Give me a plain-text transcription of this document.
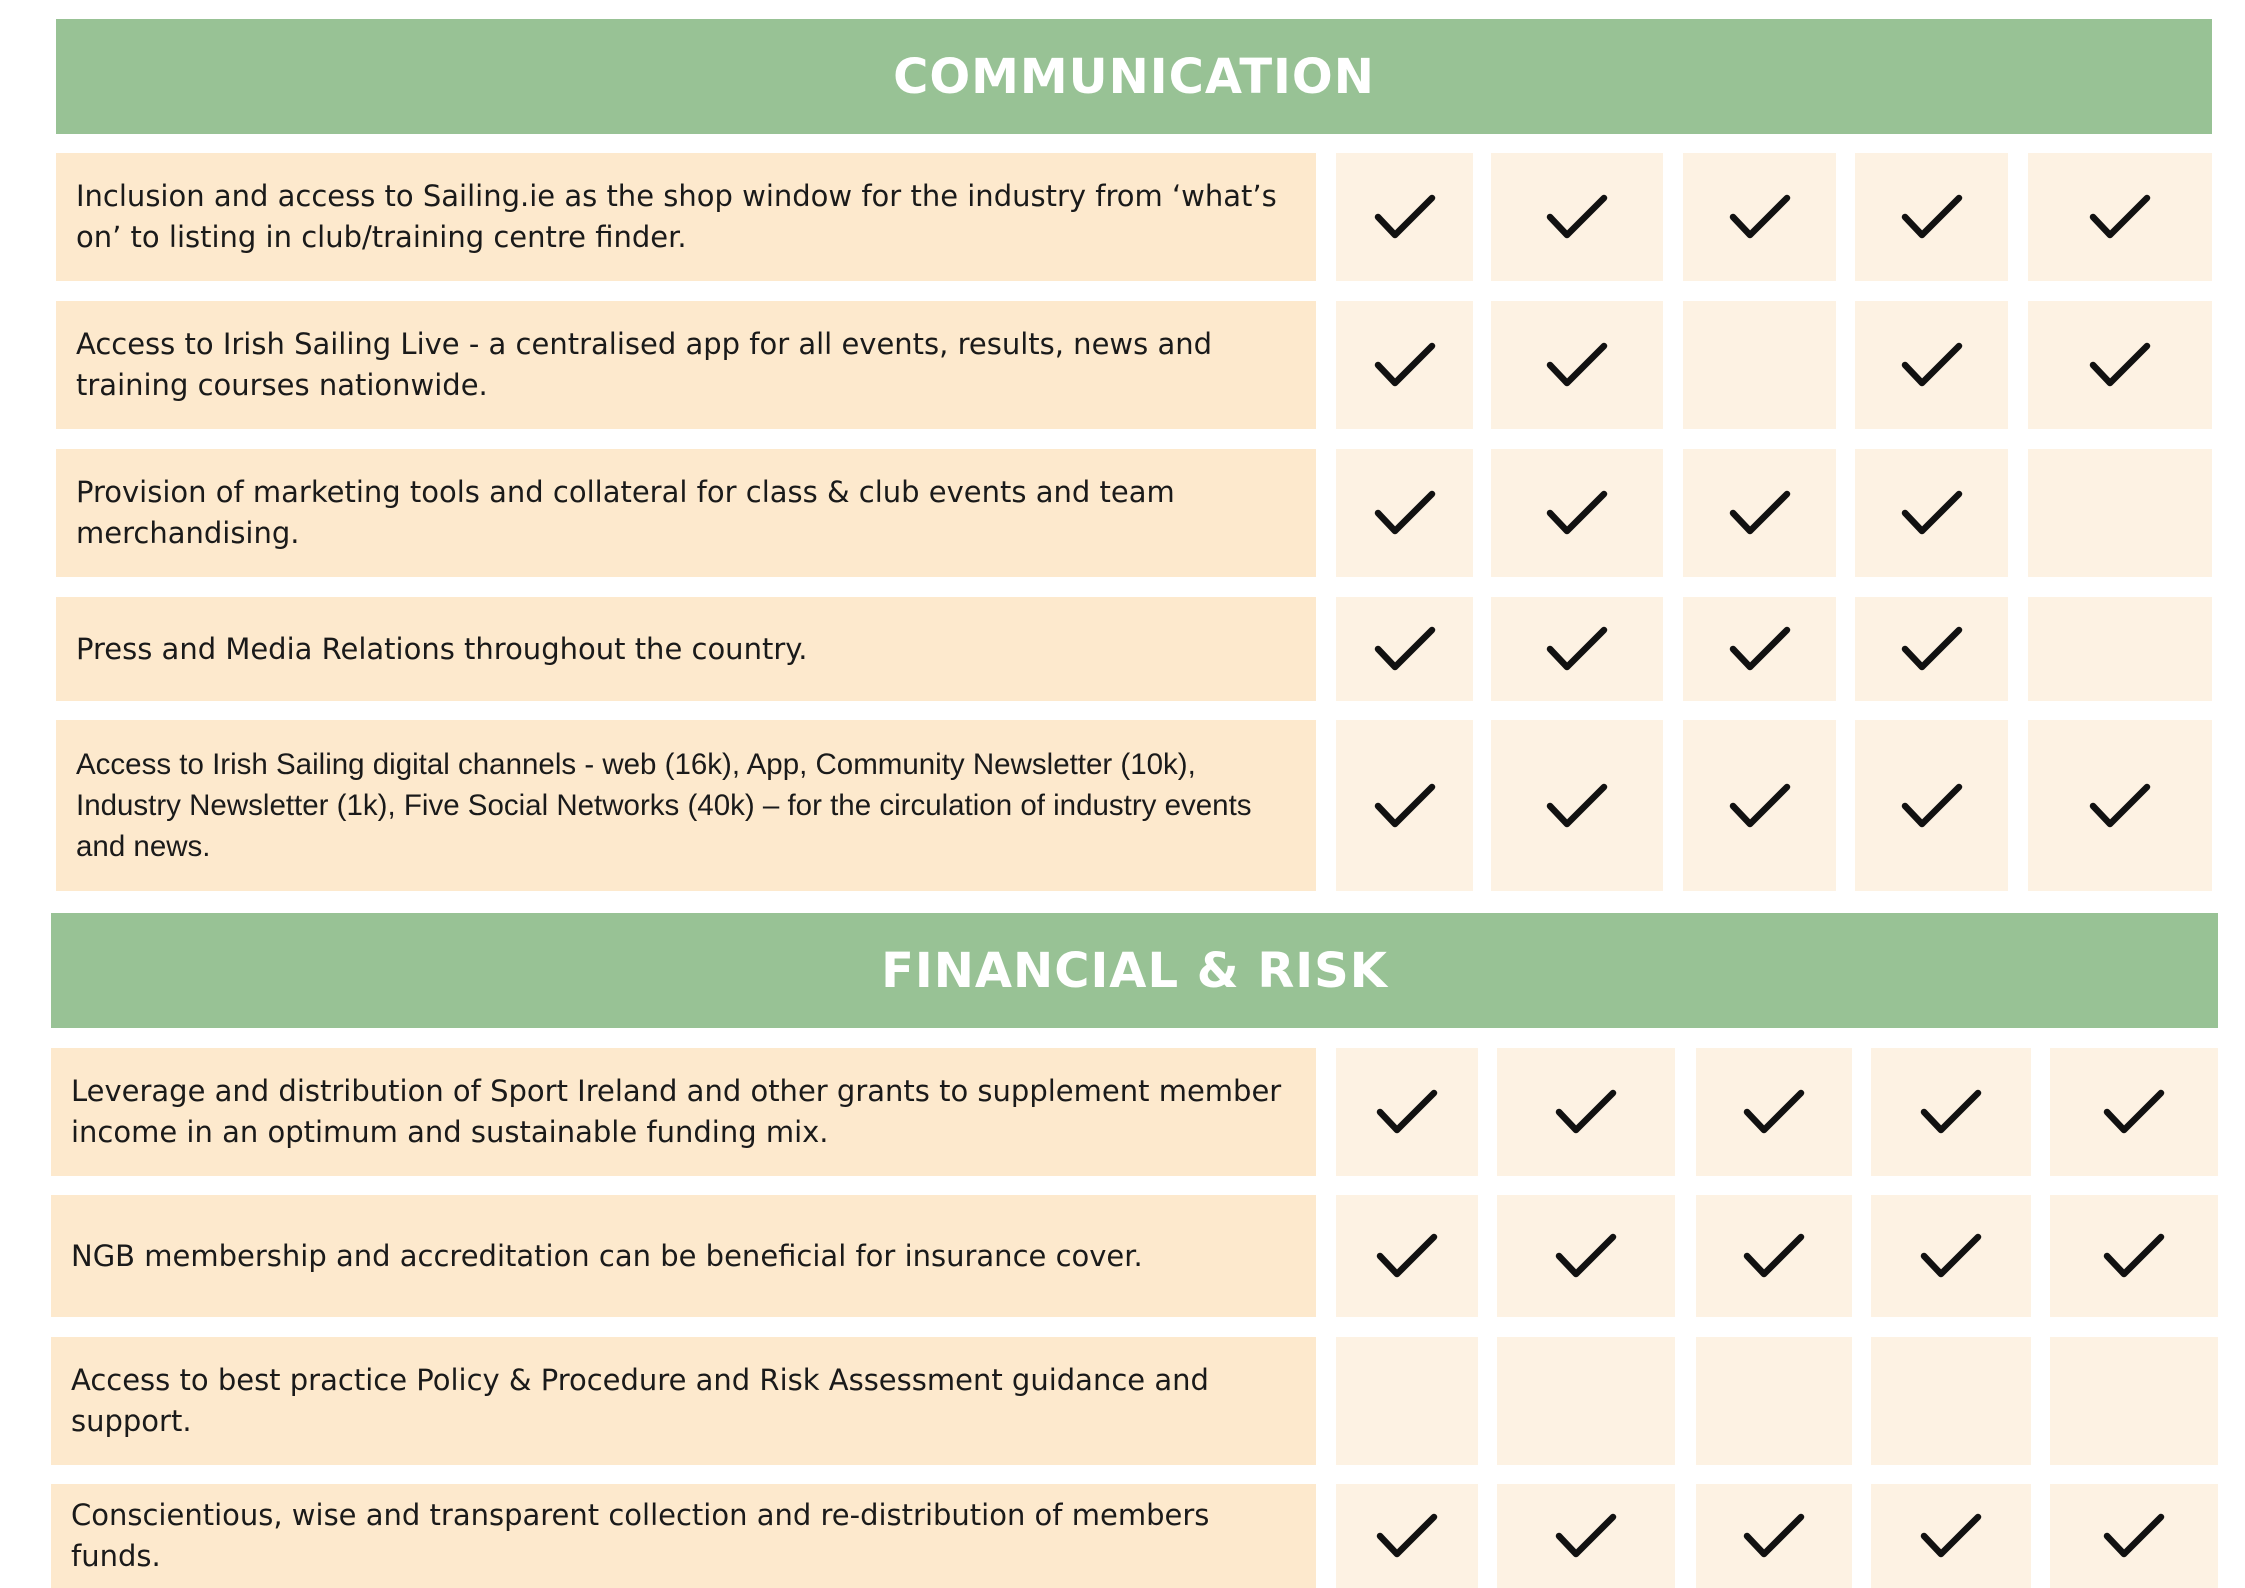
COMMUNICATION
FINANCIAL & RISK
Inclusion and access to Sailing.ie as the shop window for the industry from ‘what’s on’ to listing in club/training centre finder.
Access to Irish Sailing Live - a centralised app for all events, results, news and training courses nationwide.
Provision of marketing tools and collateral for class & club events and team merchandising.
Press and Media Relations throughout the country.
Access to Irish Sailing digital channels - web (16k), App, Community Newsletter (10k), Industry Newsletter (1k), Five Social Networks (40k) – for the circulation of industry events and news.
Leverage and distribution of Sport Ireland and other grants to supplement member income in an optimum and sustainable funding mix.
NGB membership and accreditation can be beneficial for insurance cover.
Access to best practice Policy & Procedure and Risk Assessment guidance and support.
Conscientious, wise and transparent collection and re-distribution of members funds.
